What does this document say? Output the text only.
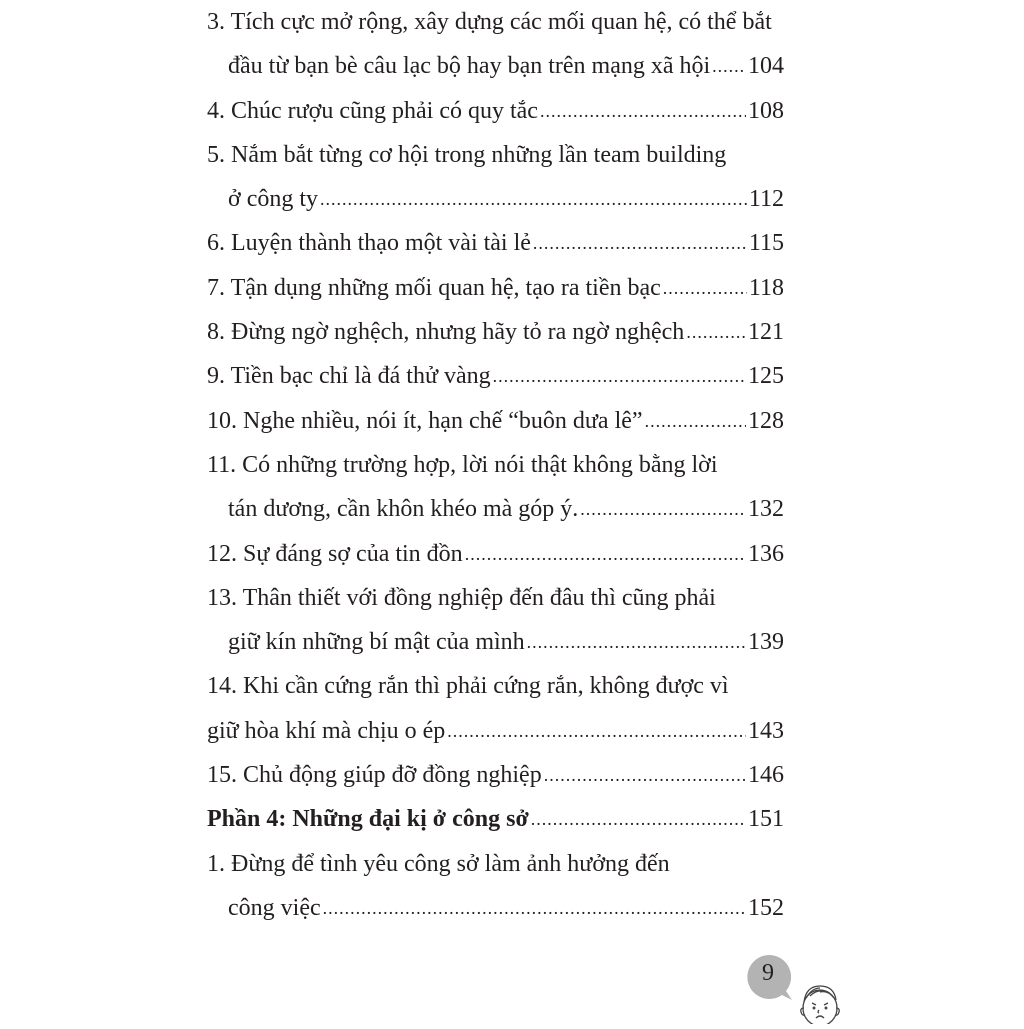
3. Tích cực mở rộng, xây dựng các mối quan hệ, có thể bắt
đầu từ bạn bè câu lạc bộ hay bạn trên mạng xã hội ..... 104
4. Chúc rượu cũng phải có quy tắc .....	108
5. Nắm bắt từng cơ hội trong những lần team building
ở công ty .....	112
6. Luyện thành thạo một vài tài lẻ .....	115
7. Tận dụng những mối quan hệ, tạo ra tiền bạc .....	118
8. Đừng ngờ nghệch, nhưng hãy tỏ ra ngờ nghệch .....	121
9. Tiền bạc chỉ là đá thử vàng .....	125
10. Nghe nhiều, nói ít, hạn chế “buôn dưa lê” .....	128
11. Có những trường hợp, lời nói thật không bằng lời
tán dương, cần khôn khéo mà góp ý. .....	132
12. Sự đáng sợ của tin đồn .....	136
13. Thân thiết với đồng nghiệp đến đâu thì cũng phải
giữ kín những bí mật của mình .....	139
14. Khi cần cứng rắn thì phải cứng rắn, không được vì
giữ hòa khí mà chịu o ép .....	143
15. Chủ động giúp đỡ đồng nghiệp .....	146
Phần 4: Những đại kị ở công sở .....	151
1. Đừng để tình yêu công sở làm ảnh hưởng đến
công việc .....	152
9
